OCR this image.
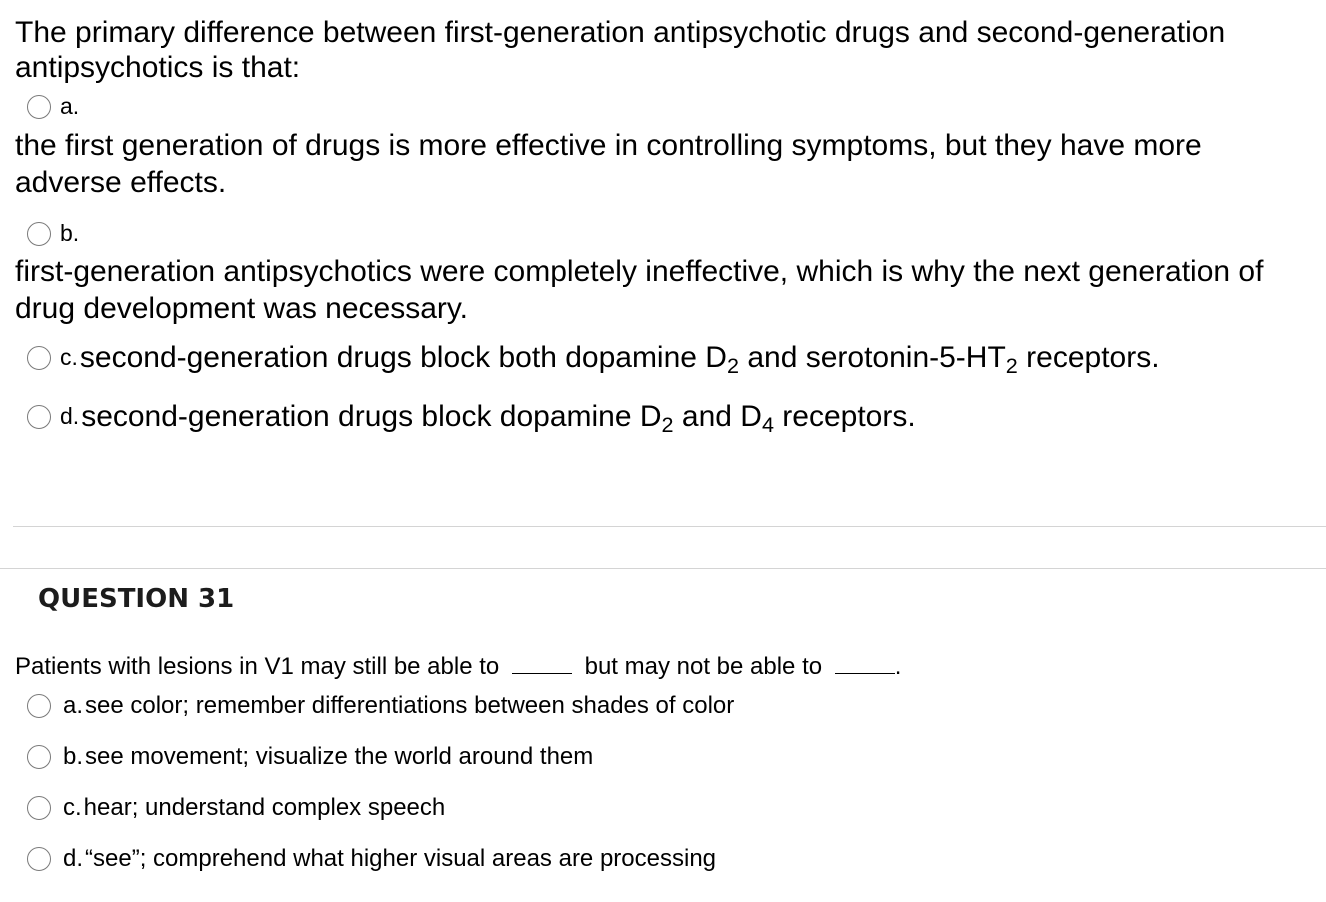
The primary difference between first-generation antipsychotic drugs and second-generation antipsychotics is that:
a.
the first generation of drugs is more effective in controlling symptoms, but they have more adverse effects.
b.
first-generation antipsychotics were completely ineffective, which is why the next generation of drug development was necessary.
c. second-generation drugs block both dopamine $D_2$ and serotonin-$5-HT_2$ receptors.
d. second-generation drugs block dopamine $D_2$ and $D_4$ receptors.
QUESTION 31
Patients with lesions in V1 may still be able to	but may not be able to	.
a. see color; remember differentiations between shades of color
b. see movement; visualize the world around them
c. hear; understand complex speech
d. “see”; comprehend what higher visual areas are processing
